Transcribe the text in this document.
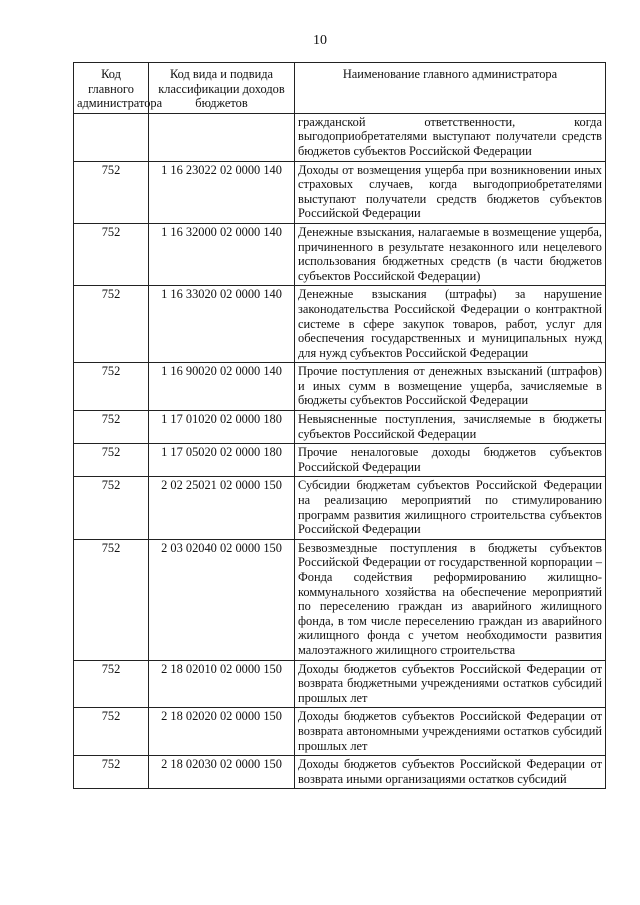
10
Код главного администратора	Код вида и подвида классификации доходов бюджетов	Наименование главного администратора
		гражданской ответственности, когда выгодоприобретателями выступают получатели средств бюджетов субъектов Российской Федерации
752	1 16 23022 02 0000 140	Доходы от возмещения ущерба при возникновении иных страховых случаев, когда выгодоприобретателями выступают получатели средств бюджетов субъектов Российской Федерации
752	1 16 32000 02 0000 140	Денежные взыскания, налагаемые в возмещение ущерба, причиненного в результате незаконного или нецелевого использования бюджетных средств (в части бюджетов субъектов Российской Федерации)
752	1 16 33020 02 0000 140	Денежные взыскания (штрафы) за нарушение законодательства Российской Федерации о контрактной системе в сфере закупок товаров, работ, услуг для обеспечения государственных и муниципальных нужд для нужд субъектов Российской Федерации
752	1 16 90020 02 0000 140	Прочие поступления от денежных взысканий (штрафов) и иных сумм в возмещение ущерба, зачисляемые в бюджеты субъектов Российской Федерации
752	1 17 01020 02 0000 180	Невыясненные поступления, зачисляемые в бюджеты субъектов Российской Федерации
752	1 17 05020 02 0000 180	Прочие неналоговые доходы бюджетов субъектов Российской Федерации
752	2 02 25021 02 0000 150	Субсидии бюджетам субъектов Российской Федерации на реализацию мероприятий по стимулированию программ развития жилищного строительства субъектов Российской Федерации
752	2 03 02040 02 0000 150	Безвозмездные поступления в бюджеты субъектов Российской Федерации от государственной корпорации – Фонда содействия реформированию жилищно-коммунального хозяйства на обеспечение мероприятий по переселению граждан из аварийного жилищного фонда, в том числе переселению граждан из аварийного жилищного фонда с учетом необходимости развития малоэтажного жилищного строительства
752	2 18 02010 02 0000 150	Доходы бюджетов субъектов Российской Федерации от возврата бюджетными учреждениями остатков субсидий прошлых лет
752	2 18 02020 02 0000 150	Доходы бюджетов субъектов Российской Федерации от возврата автономными учреждениями остатков субсидий прошлых лет
752	2 18 02030 02 0000 150	Доходы бюджетов субъектов Российской Федерации от возврата иными организациями остатков субсидий
